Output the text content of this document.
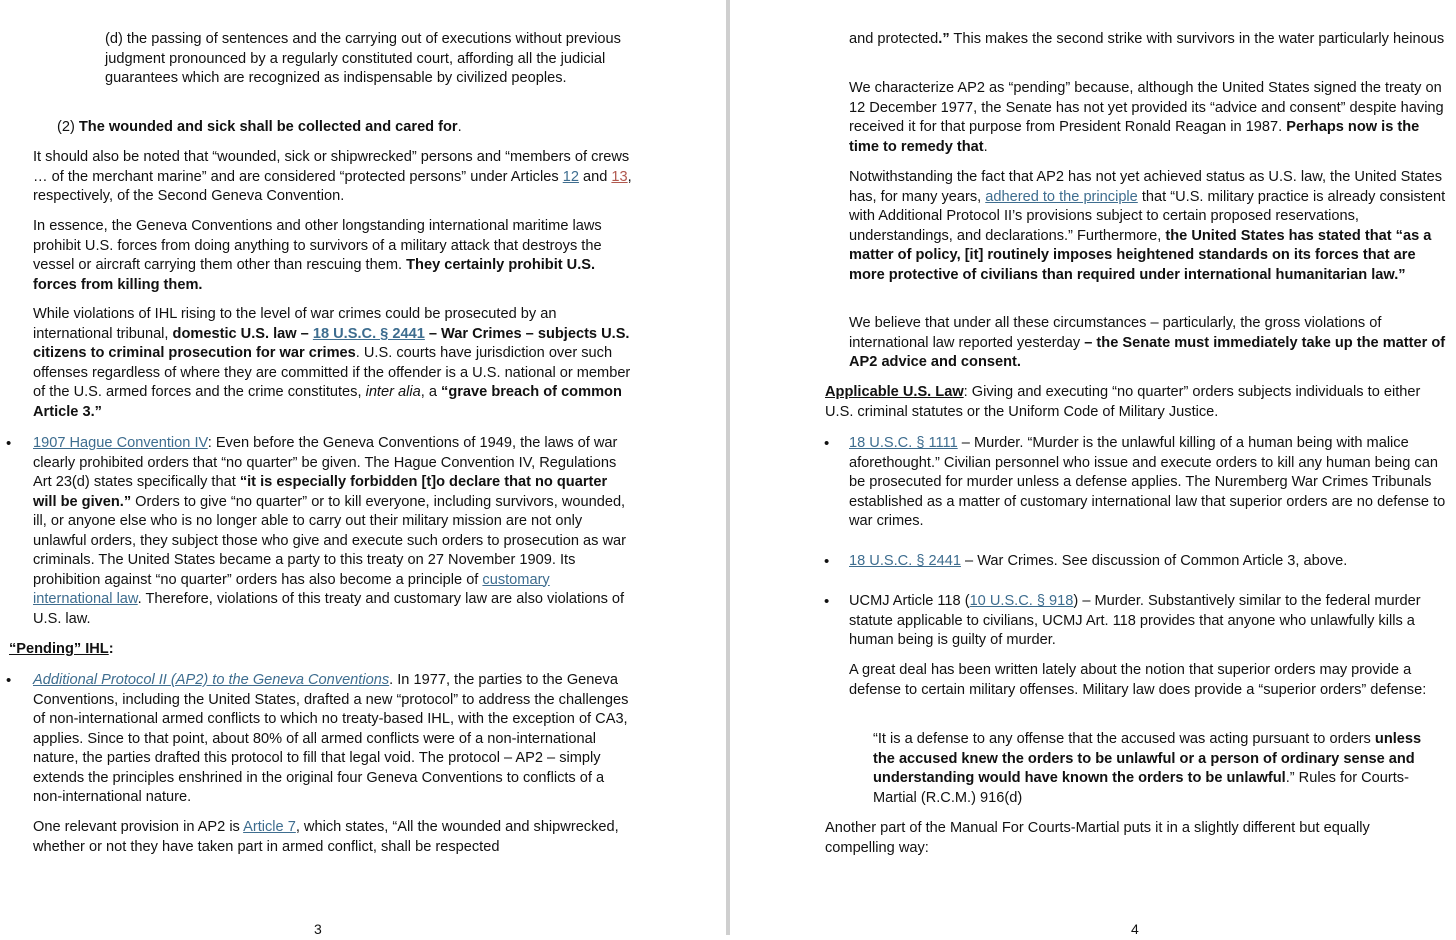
(d) the passing of sentences and the carrying out of executions without previous judgment pronounced by a regularly constituted court, affording all the judicial guarantees which are recognized as indispensable by civilized peoples.

(2) The wounded and sick shall be collected and cared for.

It should also be noted that “wounded, sick or shipwrecked” persons and “members of crews … of the merchant marine” and are considered “protected persons” under Articles 12 and 13, respectively, of the Second Geneva Convention.

In essence, the Geneva Conventions and other longstanding international maritime laws prohibit U.S. forces from doing anything to survivors of a military attack that destroys the vessel or aircraft carrying them other than rescuing them. They certainly prohibit U.S. forces from killing them.

While violations of IHL rising to the level of war crimes could be prosecuted by an international tribunal, domestic U.S. law – 18 U.S.C. § 2441 – War Crimes – subjects U.S. citizens to criminal prosecution for war crimes. U.S. courts have jurisdiction over such offenses regardless of where they are committed if the offender is a U.S. national or member of the U.S. armed forces and the crime constitutes, inter alia, a “grave breach of common Article 3.”

• 1907 Hague Convention IV: Even before the Geneva Conventions of 1949, the laws of war clearly prohibited orders that “no quarter” be given. The Hague Convention IV, Regulations Art 23(d) states specifically that “it is especially forbidden [t]o declare that no quarter will be given.” Orders to give “no quarter” or to kill everyone, including survivors, wounded, ill, or anyone else who is no longer able to carry out their military mission are not only unlawful orders, they subject those who give and execute such orders to prosecution as war criminals. The United States became a party to this treaty on 27 November 1909. Its prohibition against “no quarter” orders has also become a principle of customary international law. Therefore, violations of this treaty and customary law are also violations of U.S. law.

“Pending” IHL:

• Additional Protocol II (AP2) to the Geneva Conventions. In 1977, the parties to the Geneva Conventions, including the United States, drafted a new “protocol” to address the challenges of non-international armed conflicts to which no treaty-based IHL, with the exception of CA3, applies. Since to that point, about 80% of all armed conflicts were of a non-international nature, the parties drafted this protocol to fill that legal void. The protocol – AP2 – simply extends the principles enshrined in the original four Geneva Conventions to conflicts of a non-international nature.

One relevant provision in AP2 is Article 7, which states, “All the wounded and shipwrecked, whether or not they have taken part in armed conflict, shall be respected

3

and protected.” This makes the second strike with survivors in the water particularly heinous

We characterize AP2 as “pending” because, although the United States signed the treaty on 12 December 1977, the Senate has not yet provided its “advice and consent” despite having received it for that purpose from President Ronald Reagan in 1987. Perhaps now is the time to remedy that.

Notwithstanding the fact that AP2 has not yet achieved status as U.S. law, the United States has, for many years, adhered to the principle that “U.S. military practice is already consistent with Additional Protocol II’s provisions subject to certain proposed reservations, understandings, and declarations.” Furthermore, the United States has stated that “as a matter of policy, [it] routinely imposes heightened standards on its forces that are more protective of civilians than required under international humanitarian law.”

We believe that under all these circumstances – particularly, the gross violations of international law reported yesterday – the Senate must immediately take up the matter of AP2 advice and consent.

Applicable U.S. Law: Giving and executing “no quarter” orders subjects individuals to either U.S. criminal statutes or the Uniform Code of Military Justice.

• 18 U.S.C. § 1111 – Murder. “Murder is the unlawful killing of a human being with malice aforethought.” Civilian personnel who issue and execute orders to kill any human being can be prosecuted for murder unless a defense applies. The Nuremberg War Crimes Tribunals established as a matter of customary international law that superior orders are no defense to war crimes.

• 18 U.S.C. § 2441 – War Crimes. See discussion of Common Article 3, above.

• UCMJ Article 118 (10 U.S.C. § 918) – Murder. Substantively similar to the federal murder statute applicable to civilians, UCMJ Art. 118 provides that anyone who unlawfully kills a human being is guilty of murder.

A great deal has been written lately about the notion that superior orders may provide a defense to certain military offenses. Military law does provide a “superior orders” defense:

“It is a defense to any offense that the accused was acting pursuant to orders unless the accused knew the orders to be unlawful or a person of ordinary sense and understanding would have known the orders to be unlawful.” Rules for Courts-Martial (R.C.M.) 916(d)

Another part of the Manual For Courts-Martial puts it in a slightly different but equally compelling way:

4
